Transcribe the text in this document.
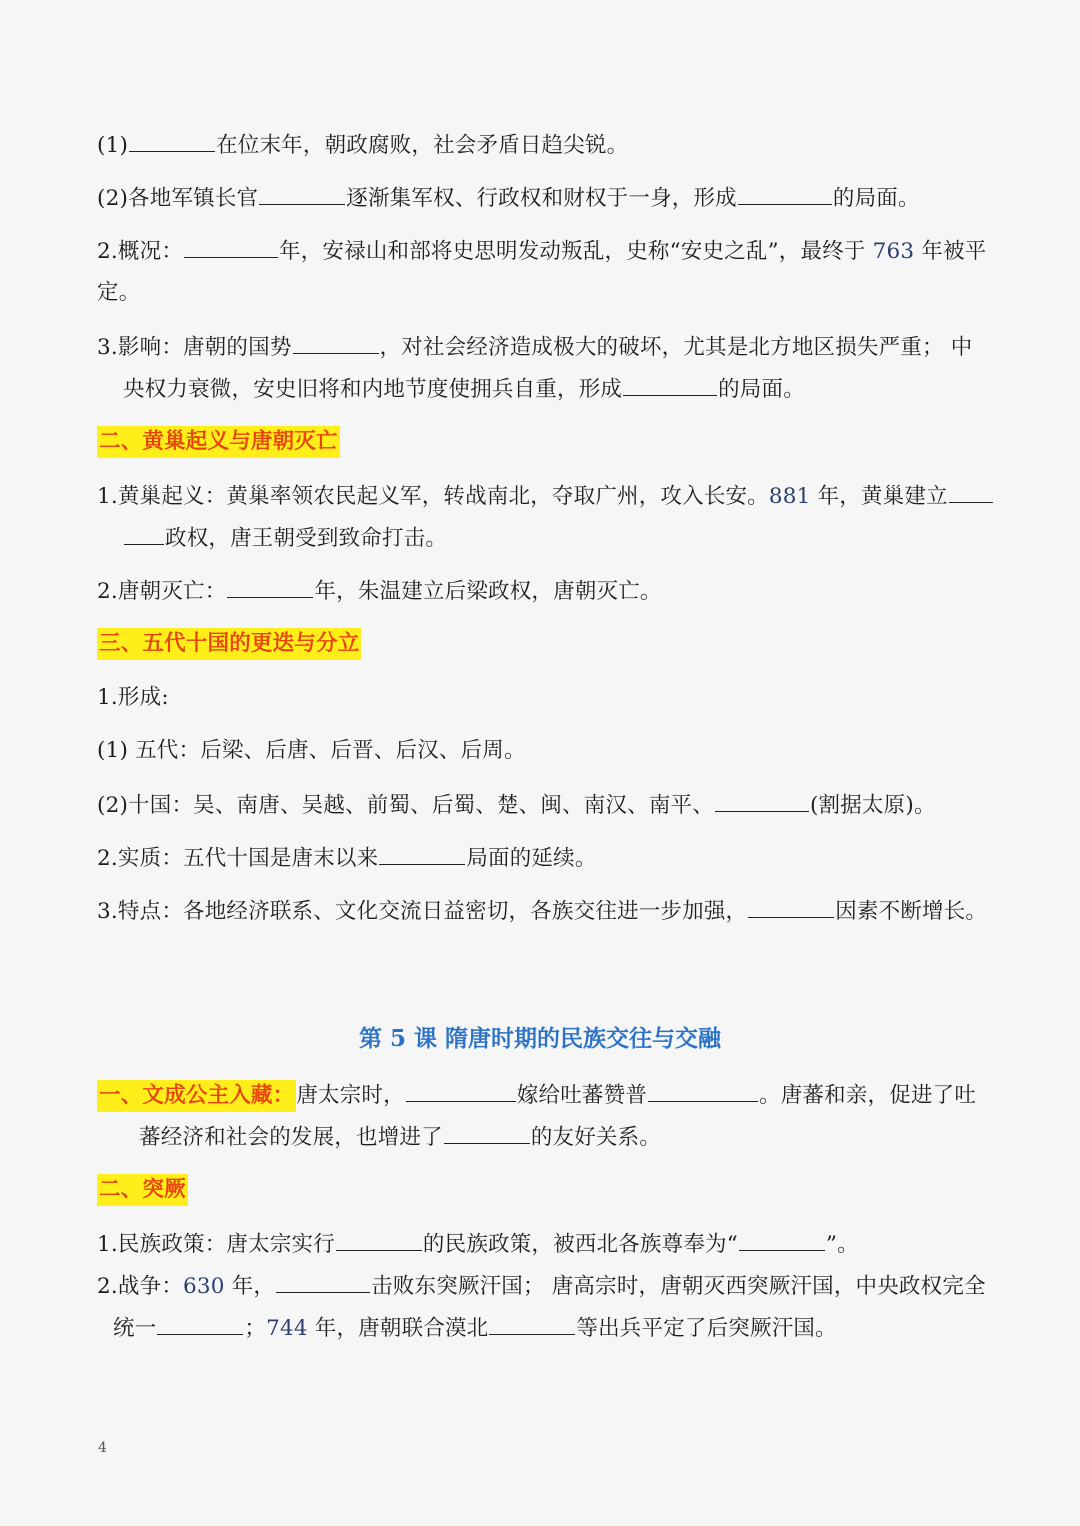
(1)	在位末年，朝政腐败，社会矛盾日趋尖锐。
(2)各地军镇长官	逐渐集军权、行政权和财权于一身，形成	的局面。
2.概况：	年，安禄山和部将史思明发动叛乱，史称“安史之乱”，最终于 763 年被平
定。
3.影响：唐朝的国势	，对社会经济造成极大的破坏，尤其是北方地区损失严重； 中
央权力衰微，安史旧将和内地节度使拥兵自重，形成	的局面。
二、黄巢起义与唐朝灭亡
1.黄巢起义：黄巢率领农民起义军，转战南北，夺取广州，攻入长安。881 年，黄巢建立
政权，唐王朝受到致命打击。
2.唐朝灭亡：	年，朱温建立后梁政权，唐朝灭亡。
三、五代十国的更迭与分立
1.形成:
(1) 五代：后梁、后唐、后晋、后汉、后周。
(2)十国：吴、南唐、吴越、前蜀、后蜀、楚、闽、南汉、南平、	(割据太原)。
2.实质：五代十国是唐末以来	局面的延续。
3.特点：各地经济联系、文化交流日益密切，各族交往进一步加强，	因素不断增长。
第 5 课 隋唐时期的民族交往与交融
一、文成公主入藏：唐太宗时，	嫁给吐蕃赞普	。唐蕃和亲，促进了吐
蕃经济和社会的发展，也增进了	的友好关系。
二、突厥
1.民族政策：唐太宗实行	的民族政策，被西北各族尊奉为“	”。
2.战争：630 年，	击败东突厥汗国； 唐高宗时，唐朝灭西突厥汗国，中央政权完全
统一	；744 年，唐朝联合漠北	等出兵平定了后突厥汗国。
4
